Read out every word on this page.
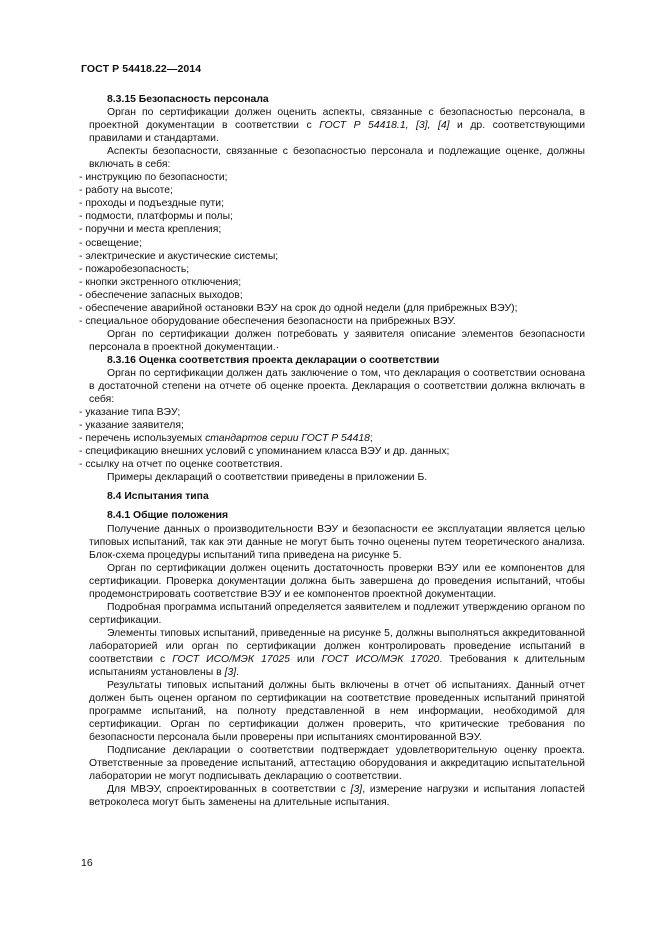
ГОСТ Р 54418.22—2014

8.3.15 Безопасность персонала

Орган по сертификации должен оценить аспекты, связанные с безопасностью персонала, в проектной документации в соответствии с ГОСТ Р 54418.1, [3], [4] и др. соответствующими правилами и стандартами.

Аспекты безопасности, связанные с безопасностью персонала и подлежащие оценке, должны включать в себя:

- инструкцию по безопасности;

- работу на высоте;

- проходы и подъездные пути;

- подмости, платформы и полы;

- поручни и места крепления;

- освещение;

- электрические и акустические системы;

- пожаробезопасность;

- кнопки экстренного отключения;

- обеспечение запасных выходов;

- обеспечение аварийной остановки ВЭУ на срок до одной недели (для прибрежных ВЭУ);

- специальное оборудование обеспечения безопасности на прибрежных ВЭУ.

Орган по сертификации должен потребовать у заявителя описание элементов безопасности персонала в проектной документации.·

8.3.16 Оценка соответствия проекта декларации о соответствии

Орган по сертификации должен дать заключение о том, что декларация о соответствии основана в достаточной степени на отчете об оценке проекта. Декларация о соответствии должна включать в себя:

- указание типа ВЭУ;

- указание заявителя;

- перечень используемых стандартов серии ГОСТ Р 54418;

- спецификацию внешних условий с упоминанием класса ВЭУ и др. данных;

- ссылку на отчет по оценке соответствия.

Примеры деклараций о соответствии приведены в приложении Б.

8.4 Испытания типа

8.4.1 Общие положения

Получение данных о производительности ВЭУ и безопасности ее эксплуатации является целью типовых испытаний, так как эти данные не могут быть точно оценены путем теоретического анализа. Блок-схема процедуры испытаний типа приведена на рисунке 5.

Орган по сертификации должен оценить достаточность проверки ВЭУ или ее компонентов для сертификации. Проверка документации должна быть завершена до проведения испытаний, чтобы продемонстрировать соответствие ВЭУ и ее компонентов проектной документации.

Подробная программа испытаний определяется заявителем и подлежит утверждению органом по сертификации.

Элементы типовых испытаний, приведенные на рисунке 5, должны выполняться аккредитованной лабораторией или орган по сертификации должен контролировать проведение испытаний в соответствии с ГОСТ ИСО/МЭК 17025 или ГОСТ ИСО/МЭК 17020. Требования к длительным испытаниям установлены в [3].

Результаты типовых испытаний должны быть включены в отчет об испытаниях. Данный отчет должен быть оценен органом по сертификации на соответствие проведенных испытаний принятой программе испытаний, на полноту представленной в нем информации, необходимой для сертификации. Орган по сертификации должен проверить, что критические требования по безопасности персонала были проверены при испытаниях смонтированной ВЭУ.

Подписание декларации о соответствии подтверждает удовлетворительную оценку проекта. Ответственные за проведение испытаний, аттестацию оборудования и аккредитацию испытательной лаборатории не могут подписывать декларацию о соответствии.

Для МВЭУ, спроектированных в соответствии с [3], измерение нагрузки и испытания лопастей ветроколеса могут быть заменены на длительные испытания.

16
